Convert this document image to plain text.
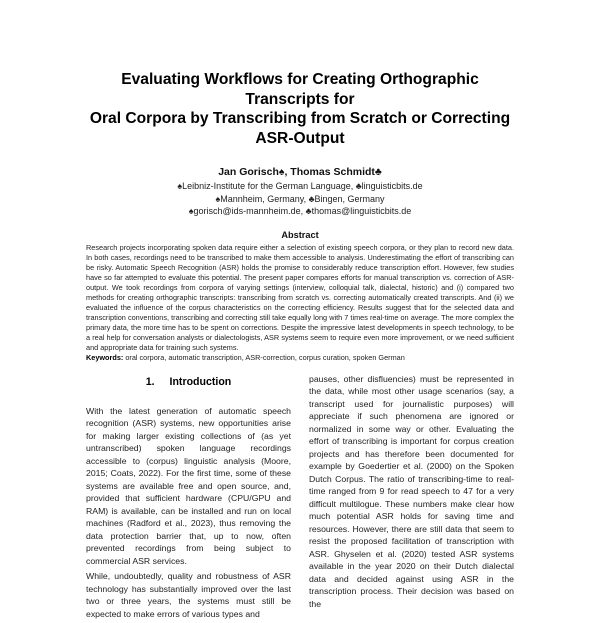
Evaluating Workflows for Creating Orthographic Transcripts for
Oral Corpora by Transcribing from Scratch or Correcting
ASR-Output
Jan Gorisch♠, Thomas Schmidt♣
♠Leibniz-Institute for the German Language, ♣linguisticbits.de
♠Mannheim, Germany, ♣Bingen, Germany
♠gorisch@ids-mannheim.de, ♣thomas@linguisticbits.de
Abstract
Research projects incorporating spoken data require either a selection of existing speech corpora, or they plan to record new data. In both cases, recordings need to be transcribed to make them accessible to analysis. Underestimating the effort of transcribing can be risky. Automatic Speech Recognition (ASR) holds the promise to considerably reduce transcription effort. However, few studies have so far attempted to evaluate this potential. The present paper compares efforts for manual transcription vs. correction of ASR-output. We took recordings from corpora of varying settings (interview, colloquial talk, dialectal, historic) and (i) compared two methods for creating orthographic transcripts: transcribing from scratch vs. correcting automatically created transcripts. And (ii) we evaluated the influence of the corpus characteristics on the correcting efficiency. Results suggest that for the selected data and transcription conventions, transcribing and correcting still take equally long with 7 times real-time on average. The more complex the primary data, the more time has to be spent on corrections. Despite the impressive latest developments in speech technology, to be a real help for conversation analysts or dialectologists, ASR systems seem to require even more improvement, or we need sufficient and appropriate data for training such systems.
Keywords: oral corpora, automatic transcription, ASR-correction, corpus curation, spoken German
1. Introduction

With the latest generation of automatic speech recognition (ASR) systems, new opportunities arise for making larger existing collections of (as yet untranscribed) spoken language recordings accessible to (corpus) linguistic analysis (Moore, 2015; Coats, 2022). For the first time, some of these systems are available free and open source, and, provided that sufficient hardware (CPU/GPU and RAM) is available, can be installed and run on local machines (Radford et al., 2023), thus removing the data protection barrier that, up to now, often prevented recordings from being subject to commercial ASR services.

While, undoubtedly, quality and robustness of ASR technology has substantially improved over the last two or three years, the systems must still be expected to make errors of various types and

pauses, other disfluencies) must be represented in the data, while most other usage scenarios (say, a transcript used for journalistic purposes) will appreciate if such phenomena are ignored or normalized in some way or other. Evaluating the effort of transcribing is important for corpus creation projects and has therefore been documented for example by Goedertier et al. (2000) on the Spoken Dutch Corpus. The ratio of transcribing-time to real-time ranged from 9 for read speech to 47 for a very difficult multilogue. These numbers make clear how much potential ASR holds for saving time and resources. However, there are still data that seem to resist the proposed facilitation of transcription with ASR. Ghyselen et al. (2020) tested ASR systems available in the year 2020 on their Dutch dialectal data and decided against using ASR in the transcription process. Their decision was based on the
